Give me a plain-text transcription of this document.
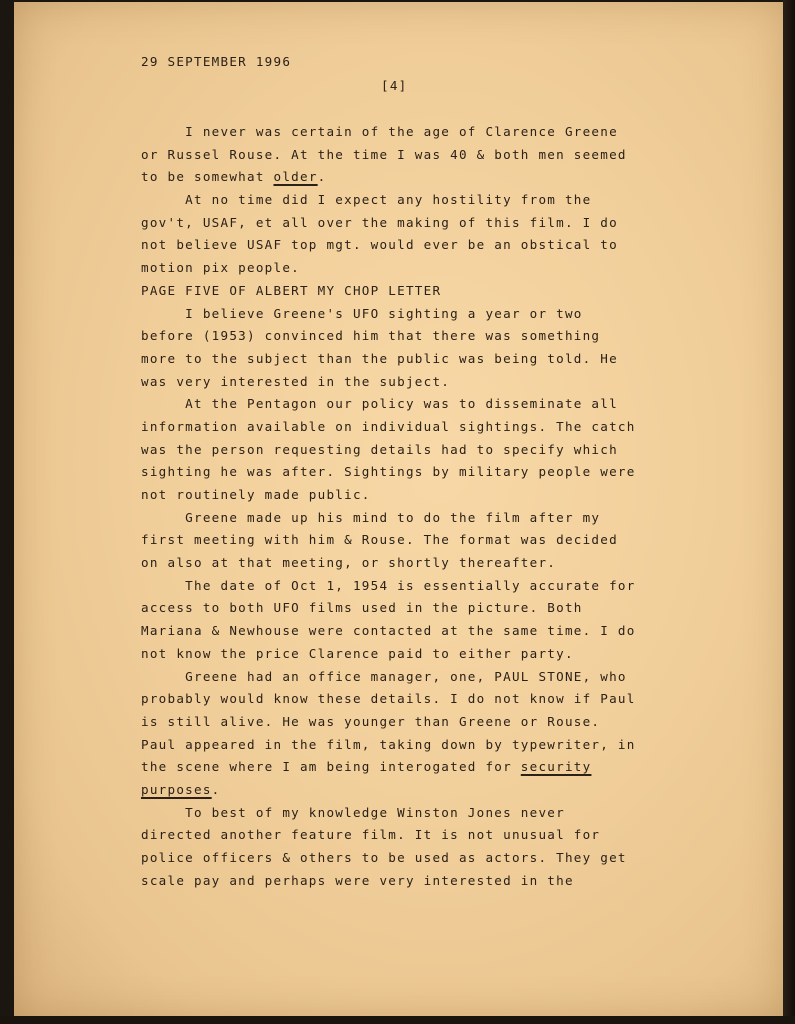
29 SEPTEMBER 1996

[4]

I never was certain of the age of Clarence Greene
or Russel Rouse. At the time I was 40 & both men seemed
to be somewhat older.
At no time did I expect any hostility from the
gov't, USAF, et all over the making of this film. I do
not believe USAF top mgt. would ever be an obstical to
motion pix people.
PAGE FIVE OF ALBERT MY CHOP LETTER
I believe Greene's UFO sighting a year or two
before (1953) convinced him that there was something
more to the subject than the public was being told. He
was very interested in the subject.
At the Pentagon our policy was to disseminate all
information available on individual sightings. The catch
was the person requesting details had to specify which
sighting he was after. Sightings by military people were
not routinely made public.
Greene made up his mind to do the film after my
first meeting with him & Rouse. The format was decided
on also at that meeting, or shortly thereafter.
The date of Oct 1, 1954 is essentially accurate for
access to both UFO films used in the picture. Both
Mariana & Newhouse were contacted at the same time. I do
not know the price Clarence paid to either party.
Greene had an office manager, one, PAUL STONE, who
probably would know these details. I do not know if Paul
is still alive. He was younger than Greene or Rouse.
Paul appeared in the film, taking down by typewriter, in
the scene where I am being interogated for security
purposes.
To best of my knowledge Winston Jones never
directed another feature film. It is not unusual for
police officers & others to be used as actors. They get
scale pay and perhaps were very interested in the
